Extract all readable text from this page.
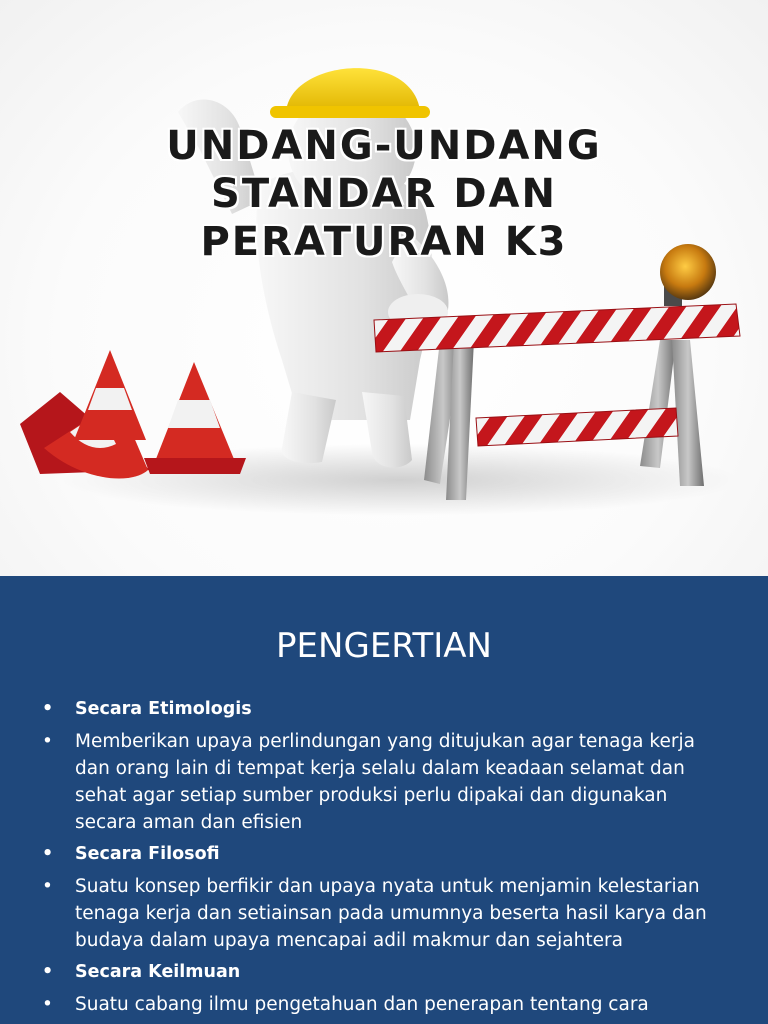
UNDANG-UNDANG
STANDAR DAN
PERATURAN K3
PENGERTIAN
• Secara Etimologis
• Memberikan upaya perlindungan yang ditujukan agar tenaga kerja dan orang lain di tempat kerja selalu dalam keadaan selamat dan sehat agar setiap sumber produksi perlu dipakai dan digunakan secara aman dan efisien
• Secara Filosofi
• Suatu konsep berfikir dan upaya nyata untuk menjamin kelestarian tenaga kerja dan setiainsan pada umumnya beserta hasil karya dan budaya dalam upaya mencapai adil makmur dan sejahtera
• Secara Keilmuan
• Suatu cabang ilmu pengetahuan dan penerapan tentang cara
